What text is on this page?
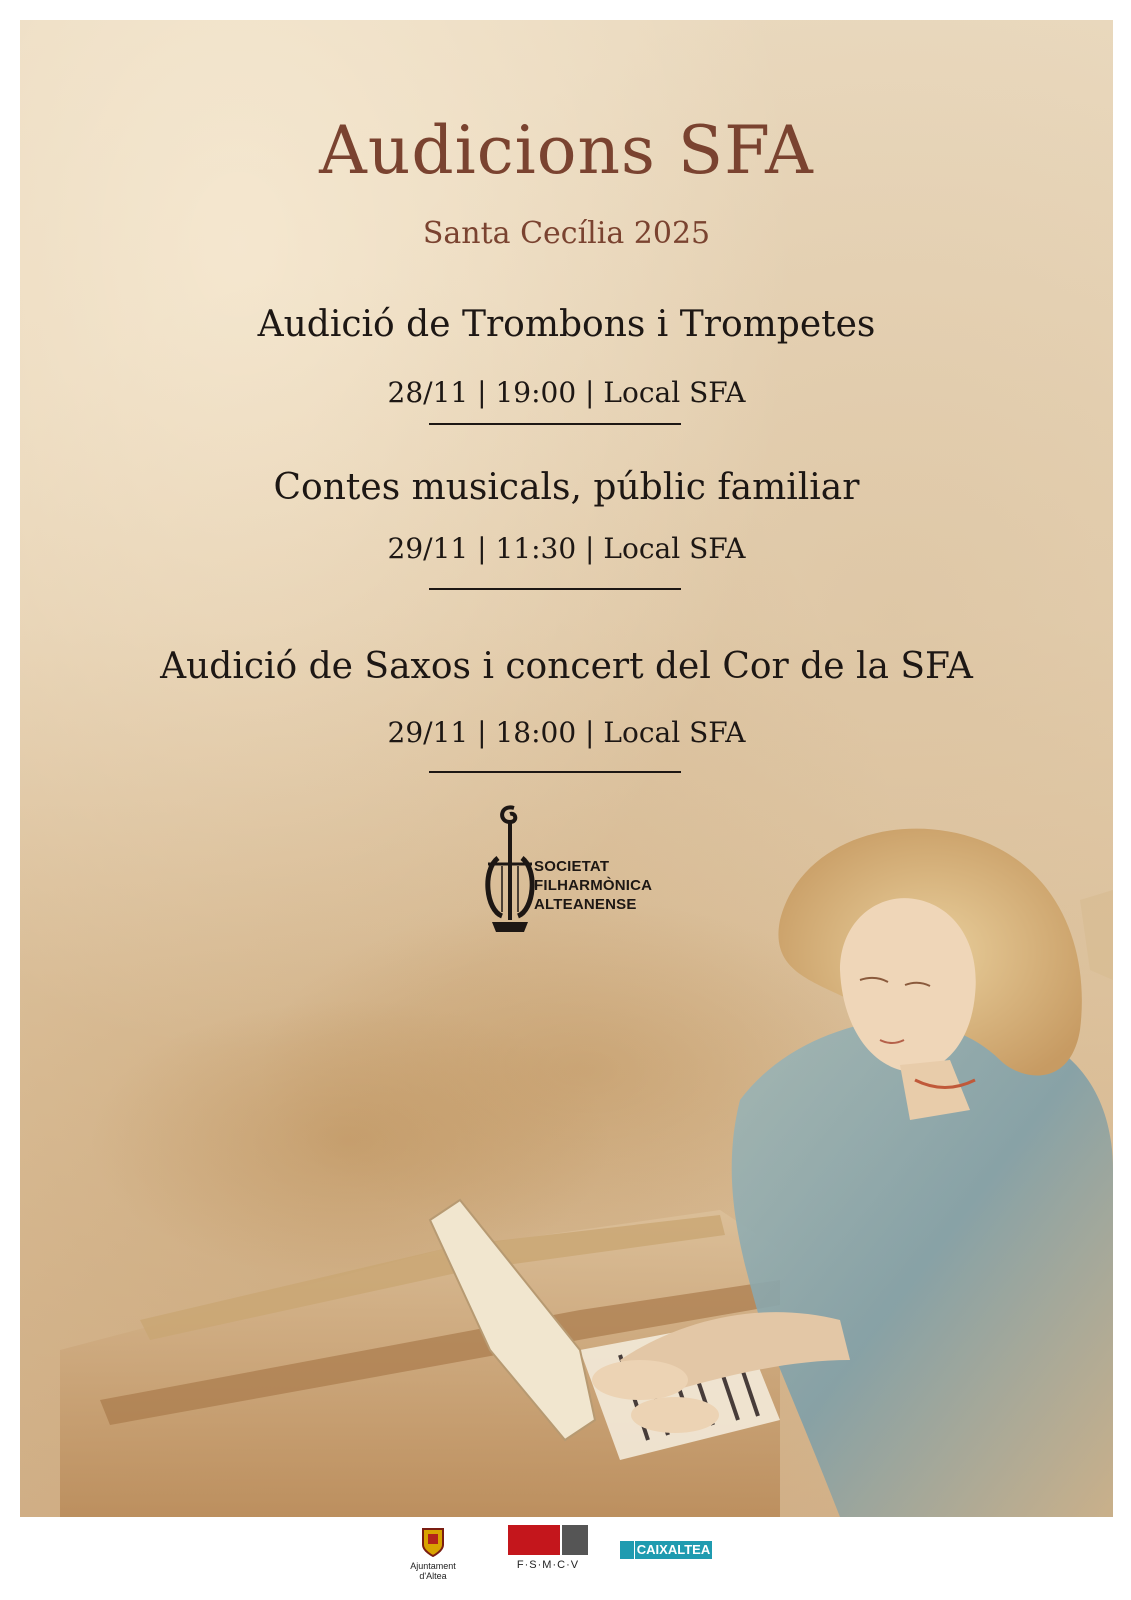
Audicions SFA
Santa Cecília 2025
Audició de Trombons i Trompetes
28/11 | 19:00 | Local SFA
Contes musicals, públic familiar
29/11 | 11:30 | Local SFA
Audició de Saxos i concert del Cor de la SFA
29/11 | 18:00 | Local SFA
SOCIETAT
FILHARMÒNICA
ALTEANENSE
Ajuntament d'Altea
F·S·M·C·V
CAIXALTEA
